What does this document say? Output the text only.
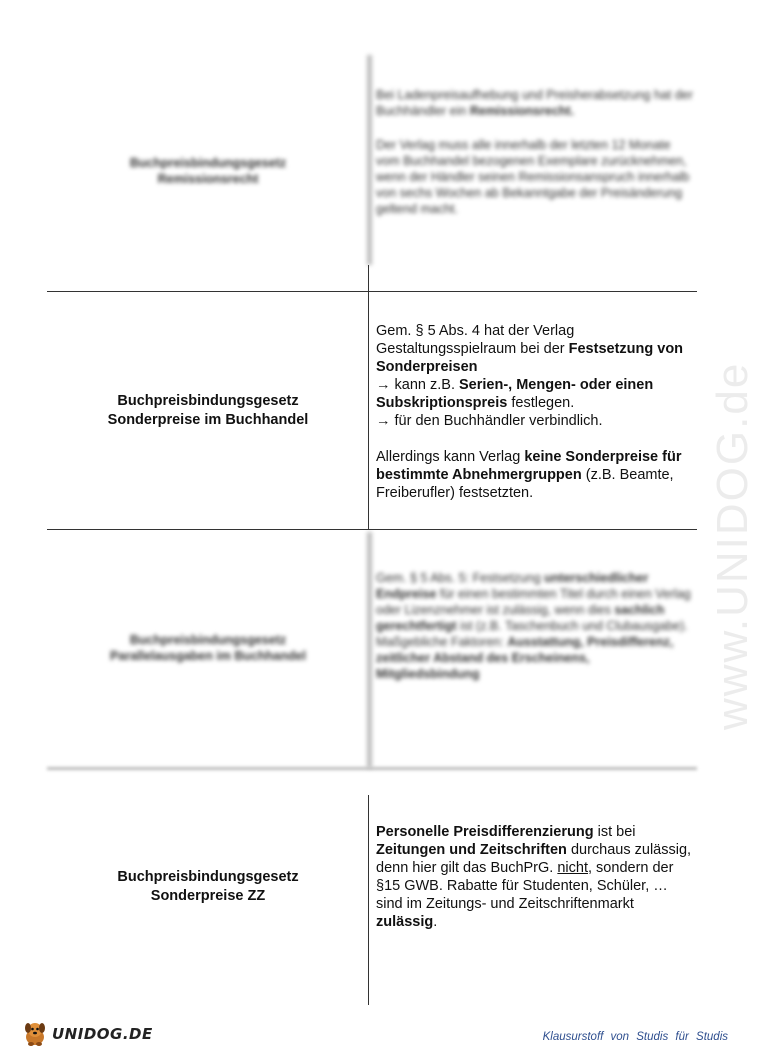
www.UNIDOG.de
Buchpreisbindungsgesetz
Remissionsrecht

Bei Ladenpreisaufhebung und Preisherabsetzung hat der Buchhändler ein Remissionsrecht.

Der Verlag muss alle innerhalb der letzten 12 Monate vom Buchhandel bezogenen Exemplare zurücknehmen, wenn der Händler seinen Remissionsanspruch innerhalb von sechs Wochen ab Bekanntgabe der Preisänderung geltend macht.

Buchpreisbindungsgesetz
Sonderpreise im Buchhandel

Gem. § 5 Abs. 4 hat der Verlag Gestaltungsspielraum bei der Festsetzung von Sonderpreisen

→ kann z.B. Serien-, Mengen- oder einen Subskriptionspreis festlegen.

→ für den Buchhändler verbindlich.

Allerdings kann Verlag keine Sonderpreise für bestimmte Abnehmergruppen (z.B. Beamte, Freiberufler) festsetzten.

Buchpreisbindungsgesetz
Parallelausgaben im Buchhandel

Gem. § 5 Abs. 5: Festsetzung unterschiedlicher Endpreise für einen bestimmten Titel durch einen Verlag oder Lizenznehmer ist zulässig, wenn dies sachlich gerechtfertigt ist (z.B. Taschenbuch und Clubausgabe).

Maßgebliche Faktoren: Ausstattung, Preisdifferenz, zeitlicher Abstand des Erscheinens, Mitgliedsbindung

Buchpreisbindungsgesetz
Sonderpreise ZZ

Personelle Preisdifferenzierung ist bei Zeitungen und Zeitschriften durchaus zulässig, denn hier gilt das BuchPrG. nicht, sondern der §15 GWB. Rabatte für Studenten, Schüler, … sind im Zeitungs- und Zeitschriftenmarkt zulässig.

UNIDOG.DE	Klausurstoff von Studis für Studis
